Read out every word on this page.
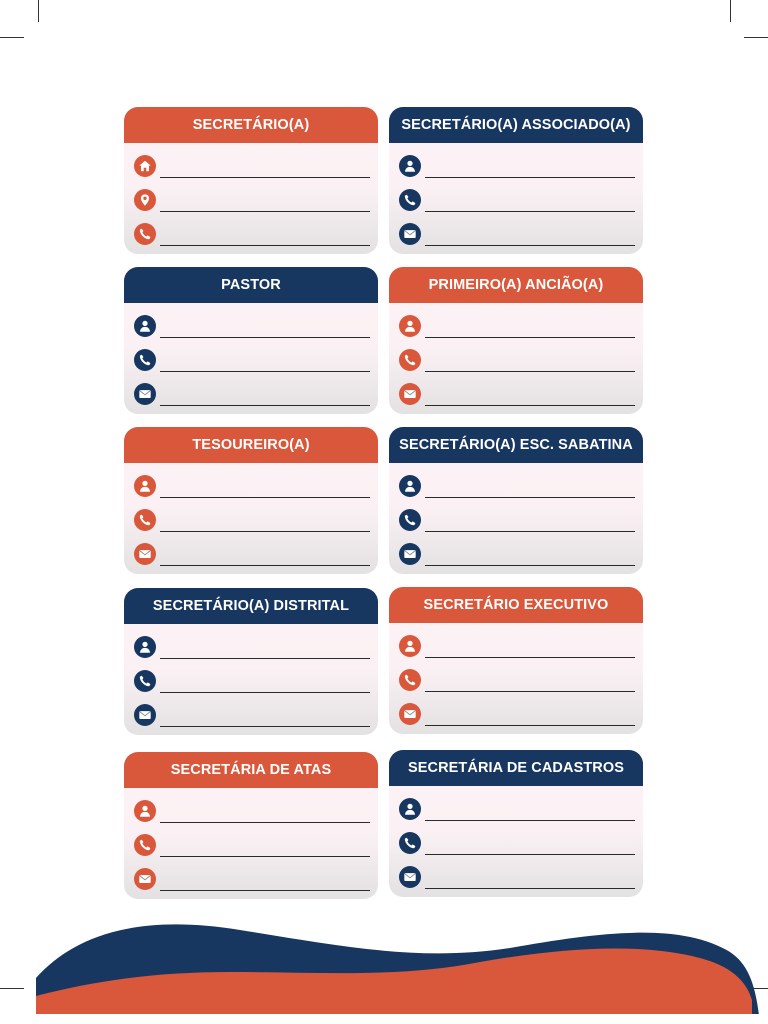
SECRETÁRIO(A)	SECRETÁRIO(A) ASSOCIADO(A)
PASTOR	PRIMEIRO(A) ANCIÃO(A)
TESOUREIRO(A)	SECRETÁRIO(A) ESC. SABATINA
SECRETÁRIO(A) DISTRITAL	SECRETÁRIO EXECUTIVO
SECRETÁRIA DE ATAS	SECRETÁRIA DE CADASTROS
1
